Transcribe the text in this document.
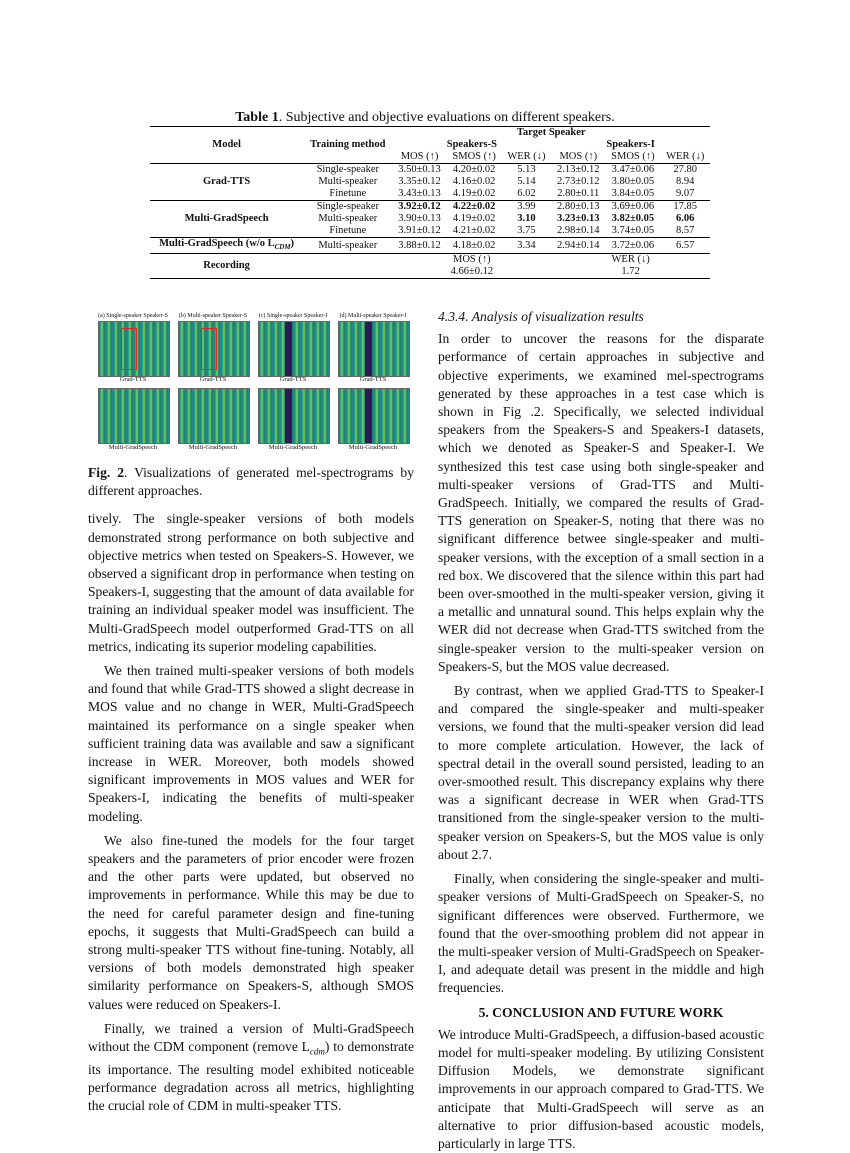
Table 1. Subjective and objective evaluations on different speakers.
Model	Training method	Target Speaker					
		Speakers-S			Speakers-I		
		MOS (↑)	SMOS (↑)	WER (↓)	MOS (↑)	SMOS (↑)	WER (↓)
Grad-TTS	Single-speaker	3.50±0.13	4.20±0.02	5.13	2.13±0.12	3.47±0.06	27.80
	Multi-speaker	3.35±0.12	4.16±0.02	5.14	2.73±0.12	3.80±0.05	8.94
	Finetune	3.43±0.13	4.19±0.02	6.02	2.80±0.11	3.84±0.05	9.07
Multi-GradSpeech	Single-speaker	3.92±0.12	4.22±0.02	3.99	2.80±0.13	3.69±0.06	17.85
	Multi-speaker	3.90±0.13	4.19±0.02	3.10	3.23±0.13	3.82±0.05	6.06
	Finetune	3.91±0.12	4.21±0.02	3.75	2.98±0.14	3.74±0.05	8.57
Multi-GradSpeech (w/o $L_{CDM}$)	Multi-speaker	3.88±0.12	4.18±0.02	3.34	2.94±0.14	3.72±0.06	6.57
Recording		MOS (↑)			WER (↓)		
		4.66±0.12			1.72		
(a) Single-speaker Speaker-S	(b) Multi-speaker Speaker-S	(c) Single-speaker Speaker-I	(d) Multi-speaker Speaker-I
Grad-TTS	Grad-TTS	Grad-TTS	Grad-TTS
Multi-GradSpeech	Multi-GradSpeech	Multi-GradSpeech	Multi-GradSpeech

Fig. 2. Visualizations of generated mel-spectrograms by different approaches.

tively. The single-speaker versions of both models demonstrated strong performance on both subjective and objective metrics when tested on Speakers-S. However, we observed a significant drop in performance when testing on Speakers-I, suggesting that the amount of data available for training an individual speaker model was insufficient. The Multi-GradSpeech model outperformed Grad-TTS on all metrics, indicating its superior modeling capabilities.

We then trained multi-speaker versions of both models and found that while Grad-TTS showed a slight decrease in MOS value and no change in WER, Multi-GradSpeech maintained its performance on a single speaker when sufficient training data was available and saw a significant increase in WER. Moreover, both models showed significant improvements in MOS values and WER for Speakers-I, indicating the benefits of multi-speaker modeling.

We also fine-tuned the models for the four target speakers and the parameters of prior encoder were frozen and the other parts were updated, but observed no improvements in performance. While this may be due to the need for careful parameter design and fine-tuning epochs, it suggests that Multi-GradSpeech can build a strong multi-speaker TTS without fine-tuning. Notably, all versions of both models demonstrated high speaker similarity performance on Speakers-S, although SMOS values were reduced on Speakers-I.

Finally, we trained a version of Multi-GradSpeech without the CDM component (remove $L_{cdm}$) to demonstrate its importance. The resulting model exhibited noticeable performance degradation across all metrics, highlighting the crucial role of CDM in multi-speaker TTS.

4.3.4. Analysis of visualization results

In order to uncover the reasons for the disparate performance of certain approaches in subjective and objective experiments, we examined mel-spectrograms generated by these approaches in a test case which is shown in Fig .2. Specifically, we selected individual speakers from the Speakers-S and Speakers-I datasets, which we denoted as Speaker-S and Speaker-I. We synthesized this test case using both single-speaker and multi-speaker versions of Grad-TTS and Multi-GradSpeech. Initially, we compared the results of Grad-TTS generation on Speaker-S, noting that there was no significant difference betwee single-speaker and multi-speaker versions, with the exception of a small section in a red box. We discovered that the silence within this part had been over-smoothed in the multi-speaker version, giving it a metallic and unnatural sound. This helps explain why the WER did not decrease when Grad-TTS switched from the single-speaker version to the multi-speaker version on Speakers-S, but the MOS value decreased.

By contrast, when we applied Grad-TTS to Speaker-I and compared the single-speaker and multi-speaker versions, we found that the multi-speaker version did lead to more complete articulation. However, the lack of spectral detail in the overall sound persisted, leading to an over-smoothed result. This discrepancy explains why there was a significant decrease in WER when Grad-TTS transitioned from the single-speaker version to the multi-speaker version on Speakers-S, but the MOS value is only about 2.7.

Finally, when considering the single-speaker and multi-speaker versions of Multi-GradSpeech on Speaker-S, no significant differences were observed. Furthermore, we found that the over-smoothing problem did not appear in the multi-speaker version of Multi-GradSpeech on Speaker-I, and adequate detail was present in the middle and high frequencies.

5. CONCLUSION AND FUTURE WORK

We introduce Multi-GradSpeech, a diffusion-based acoustic model for multi-speaker modeling. By utilizing Consistent Diffusion Models, we demonstrate significant improvements in our approach compared to Grad-TTS. We anticipate that Multi-GradSpeech will serve as an alternative to prior diffusion-based acoustic models, particularly in large TTS.
